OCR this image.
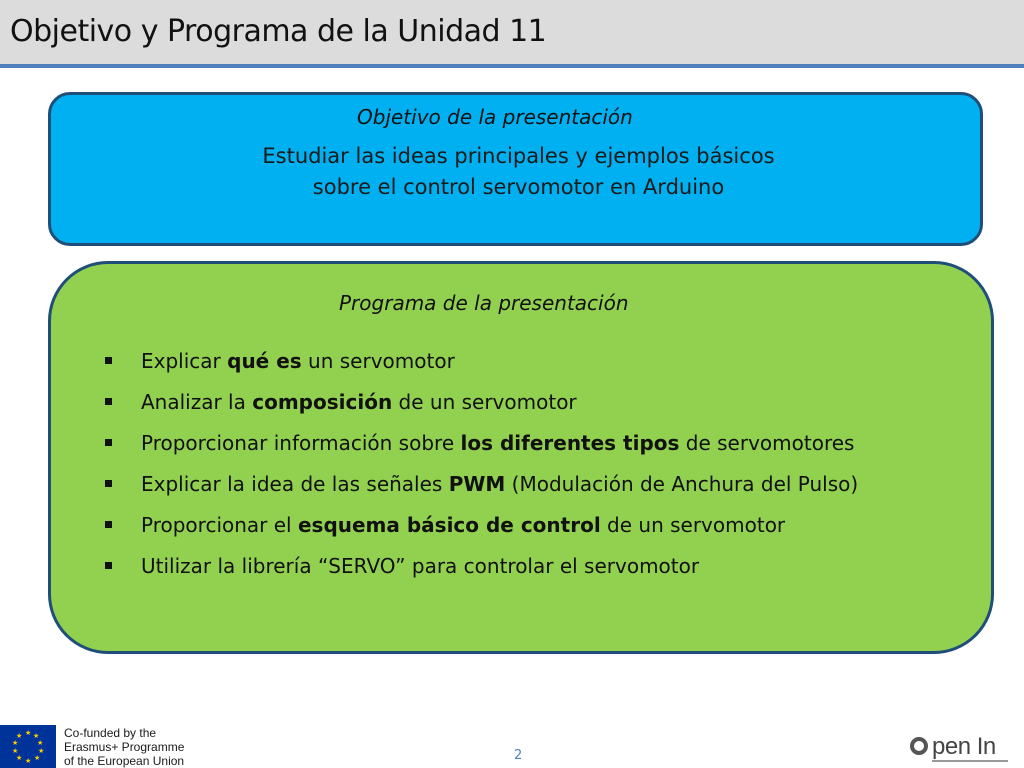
Objetivo y Programa de la Unidad 11
Objetivo de la presentación
Estudiar las ideas principales y ejemplos básicos
sobre el control servomotor en Arduino
Programa de la presentación
Explicar qué es un servomotor
Analizar la composición de un servomotor
Proporcionar información sobre los diferentes tipos de servomotores
Explicar la idea de las señales PWM (Modulación de Anchura del Pulso)
Proporcionar el esquema básico de control de un servomotor
Utilizar la librería “SERVO” para controlar el servomotor
★ ★
★
★
★
★
★
★
★
★	Co-funded by the
Erasmus+ Programme
of the European Union	2	pen In
